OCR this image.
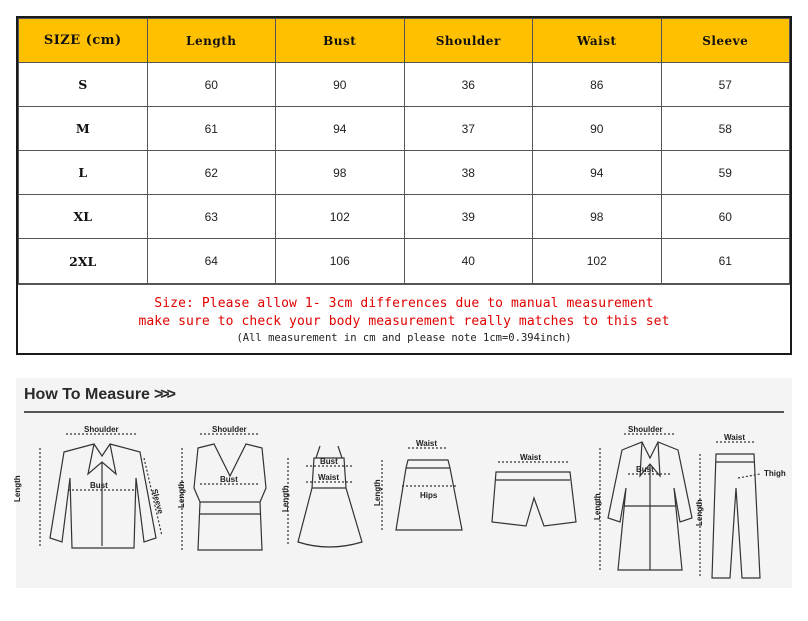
SIZE (cm)	Length	Bust	Shoulder	Waist	Sleeve
S	60	90	36	86	57
M	61	94	37	90	58
L	62	98	38	94	59
XL	63	102	39	98	60
2XL	64	106	40	102	61
Size: Please allow 1- 3cm differences due to manual measurement
make sure to check your body measurement really matches to this set
(All measurement in cm and please note 1cm=0.394inch)
How To Measure >>>
Shoulder
Bust
Length	Sleeve
Shoulder
Bust
Length
Bust
Waist
Length
Waist
Hips
Length
Waist
Shoulder
Bust
Length
Waist
Thigh
Length
